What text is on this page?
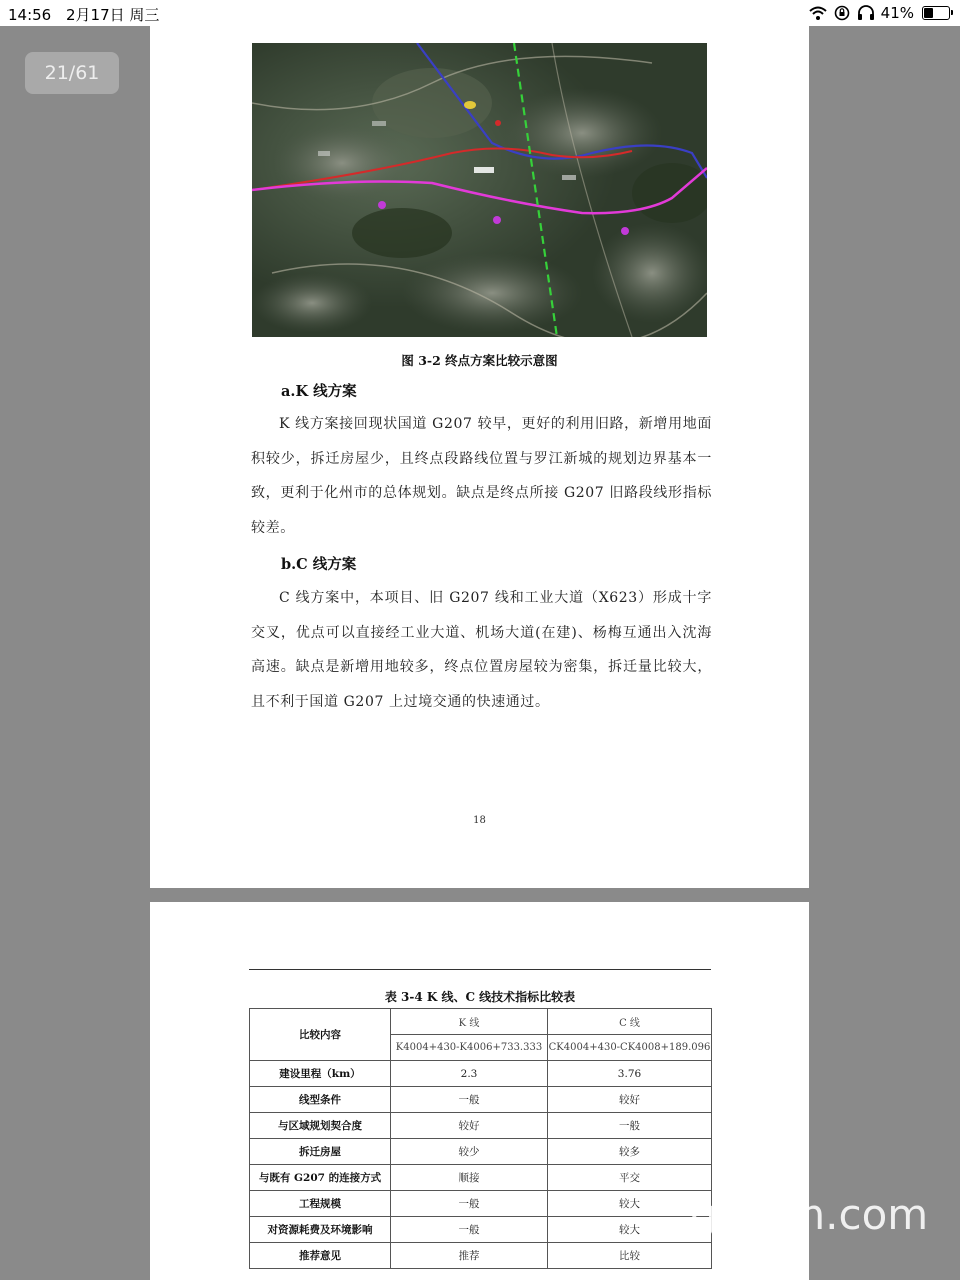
14:56 2月17日 周三	41%
21/61
图 3-2 终点方案比较示意图
a.K 线方案
K 线方案接回现状国道 G207 较早，更好的利用旧路，新增用地面积较少，拆迁房屋少，且终点段路线位置与罗江新城的规划边界基本一致，更利于化州市的总体规划。缺点是终点所接 G207 旧路段线形指标较差。
b.C 线方案
C 线方案中，本项目、旧 G207 线和工业大道（X623）形成十字交叉，优点可以直接经工业大道、机场大道(在建)、杨梅互通出入沈海高速。缺点是新增用地较多，终点位置房屋较为密集，拆迁量比较大，且不利于国道 G207 上过境交通的快速通过。
18
表 3-4 K 线、C 线技术指标比较表
比较内容	K 线	C 线
	K4004+430-K4006+733.333	CK4004+430-CK4008+189.096
建设里程（km）	2.3	3.76
线型条件	一般	较好
与区域规划契合度	较好	一般
拆迁房屋	较少	较多
与既有 G207 的连接方式	顺接	平交
工程规模	一般	较大
对资源耗费及环境影响	一般	较大
推荐意见	推荐	比较
gdmm.com
